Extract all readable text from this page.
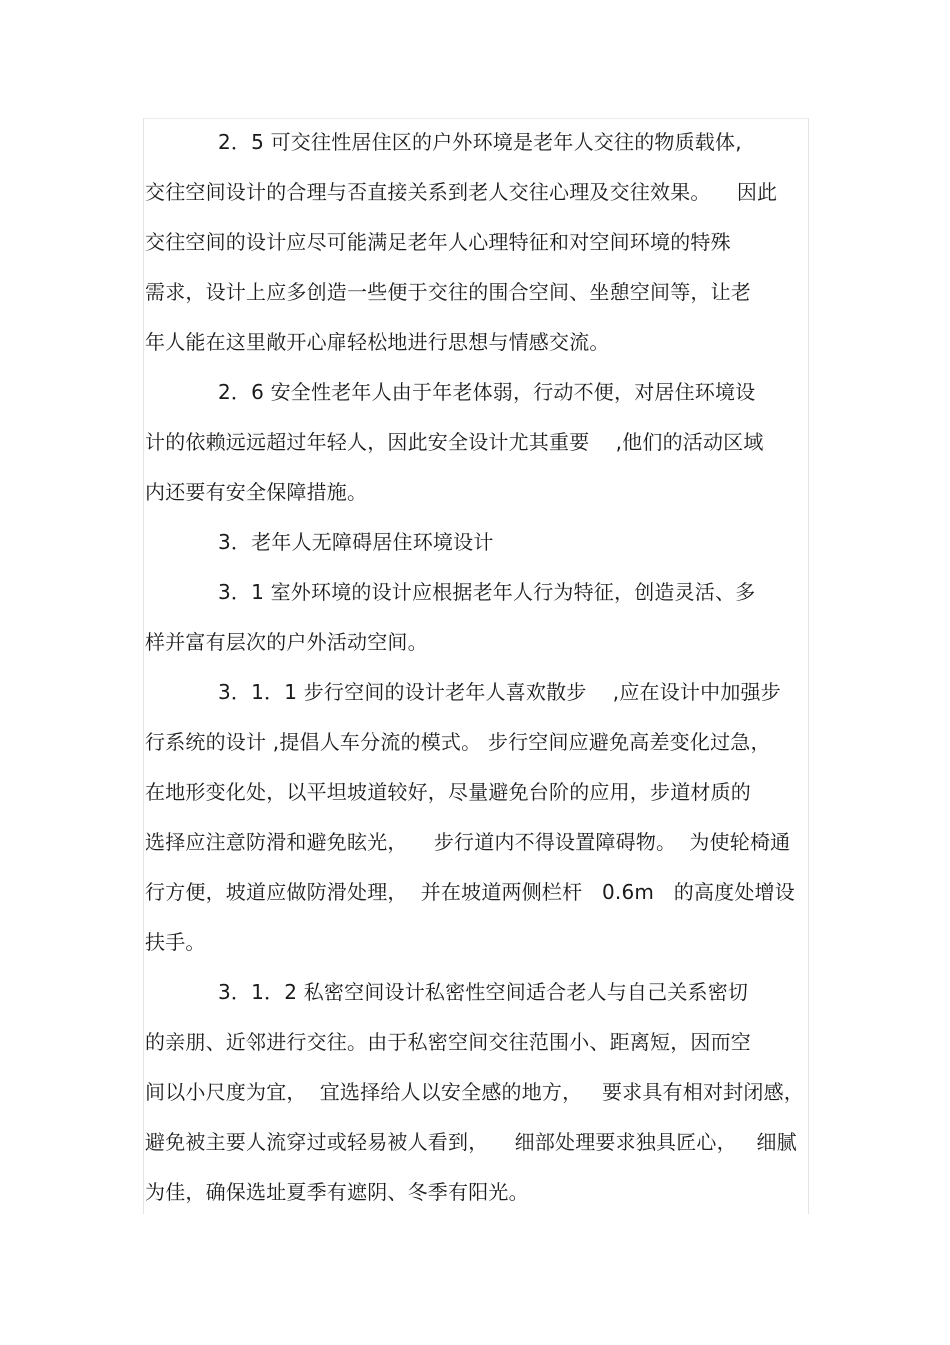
2．5 可交往性居住区的户外环境是老年人交往的物质载体,
交往空间设计的合理与否直接关系到老人交往心理及交往效果。    因此
交往空间的设计应尽可能满足老年人心理特征和对空间环境的特殊
需求，设计上应多创造一些便于交往的围合空间、坐憩空间等，让老
年人能在这里敞开心扉轻松地进行思想与情感交流。
2．6 安全性老年人由于年老体弱，行动不便，对居住环境设
计的依赖远远超过年轻人，因此安全设计尤其重要    ,他们的活动区域
内还要有安全保障措施。
3．老年人无障碍居住环境设计
3．1 室外环境的设计应根据老年人行为特征，创造灵活、多
样并富有层次的户外活动空间。
3．1．1 步行空间的设计老年人喜欢散步    ,应在设计中加强步
行系统的设计 ,提倡人车分流的模式。 步行空间应避免高差变化过急，
在地形变化处，以平坦坡道较好，尽量避免台阶的应用，步道材质的
选择应注意防滑和避免眩光，    步行道内不得设置障碍物。  为使轮椅通
行方便，坡道应做防滑处理，  并在坡道两侧栏杆   0.6m   的高度处增设
扶手。
3．1．2 私密空间设计私密性空间适合老人与自己关系密切
的亲朋、近邻进行交往。由于私密空间交往范围小、距离短，因而空
间以小尺度为宜，  宜选择给人以安全感的地方，   要求具有相对封闭感，
避免被主要人流穿过或轻易被人看到，    细部处理要求独具匠心，   细腻
为佳，确保选址夏季有遮阴、冬季有阳光。
